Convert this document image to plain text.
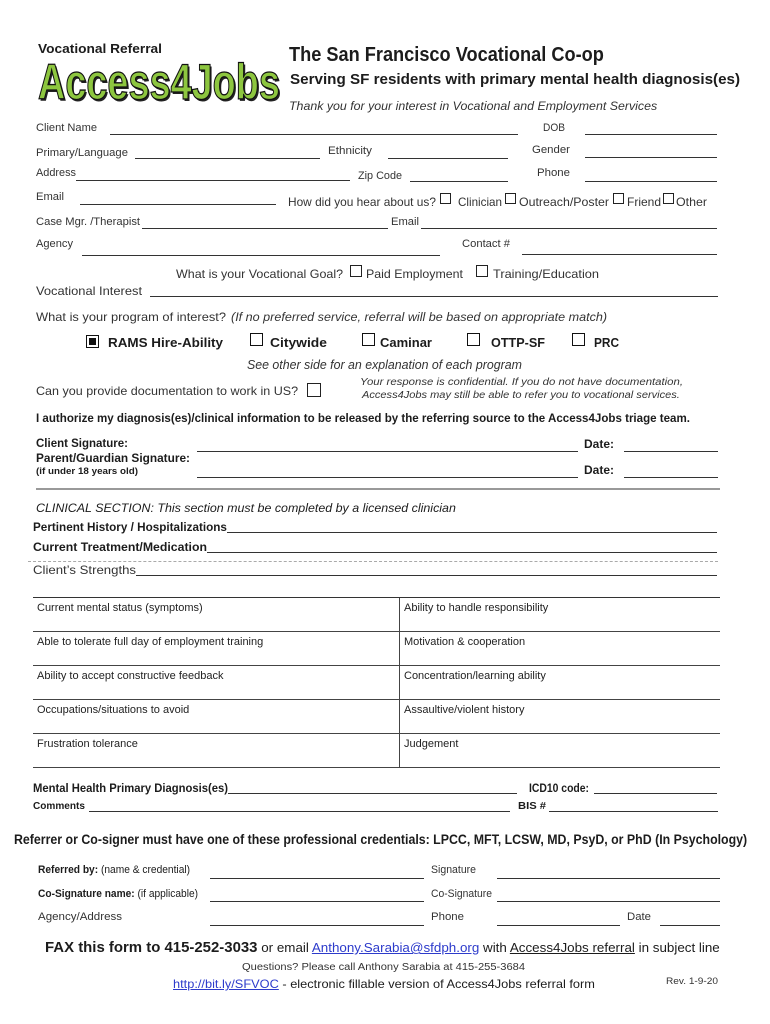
Vocational Referral
Access4Jobs The San Francisco Vocational Co-op
Serving SF residents with primary mental health diagnosis(es)
Thank you for your interest in Vocational and Employment Services
Client Name	DOB
Primary/Language	Ethnicity	Gender
Address	Zip Code	Phone
Email	How did you hear about us? Clinician Outreach/Poster Friend Other
Case Mgr. /Therapist	Email
Agency	Contact #
What is your Vocational Goal? Paid Employment	Training/Education
Vocational Interest
What is your program of interest? (If no preferred service, referral will be based on appropriate match)
RAMS Hire-Ability	Citywide	Caminar	OTTP-SF	PRC
See other side for an explanation of each program
Your response is confidential. If you do not have documentation,
Access4Jobs may still be able to refer you to vocational services.
Can you provide documentation to work in US?
I authorize my diagnosis(es)/clinical information to be released by the referring source to the Access4Jobs triage team.
Client Signature:	Date:
Parent/Guardian Signature:
(if under 18 years old)	Date:
CLINICAL SECTION: This section must be completed by a licensed clinician
Pertinent History / Hospitalizations
Current Treatment/Medication
Client’s Strengths
Current mental status (symptoms)	Ability to handle responsibility
Able to tolerate full day of employment training	Motivation & cooperation
Ability to accept constructive feedback	Concentration/learning ability
Occupations/situations to avoid	Assaultive/violent history
Frustration tolerance	Judgement
Mental Health Primary Diagnosis(es)	ICD10 code:
Comments	BIS #
Referrer or Co-signer must have one of these professional credentials: LPCC, MFT, LCSW, MD, PsyD, or PhD (In Psychology)
Referred by: (name & credential)	Signature
Co-Signature name: (if applicable)	Co-Signature
Agency/Address	Phone	Date
FAX this form to 415-252-3033 or email Anthony.Sarabia@sfdph.org with Access4Jobs referral in subject line
Questions? Please call Anthony Sarabia at 415-255-3684
http://bit.ly/SFVOC - electronic fillable version of Access4Jobs referral form	Rev. 1-9-20
